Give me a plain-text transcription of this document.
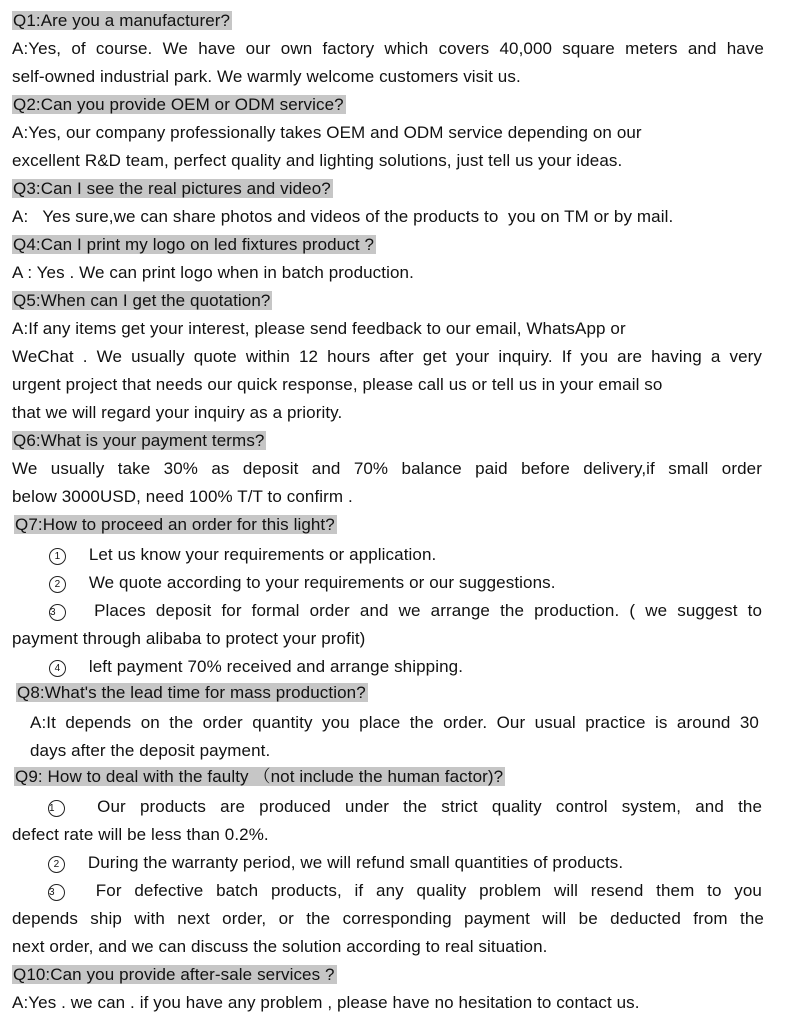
Q1:Are you a manufacturer?
A:Yes, of course. We have our own factory which covers 40,000 square meters and have
self-owned industrial park. We warmly welcome customers visit us.
Q2:Can you provide OEM or ODM service?
A:Yes, our company professionally takes OEM and ODM service depending on our
excellent R&D team, perfect quality and lighting solutions, just tell us your ideas.
Q3:Can I see the real pictures and video?
A:   Yes sure,we can share photos and videos of the products to  you on TM or by mail.
Q4:Can I print my logo on led fixtures product ?
A : Yes . We can print logo when in batch production.
Q5:When can I get the quotation?
A:If any items get your interest, please send feedback to our email, WhatsApp or
WeChat . We usually quote within 12 hours after get your inquiry. If you are having a very
urgent project that needs our quick response, please call us or tell us in your email so
that we will regard your inquiry as a priority.
Q6:What is your payment terms?
We usually take 30% as deposit and 70% balance paid before delivery,if small order
below 3000USD, need 100% T/T to confirm .
Q7:How to proceed an order for this light?
1 Let us know your requirements or application.
2 We quote according to your requirements or our suggestions.
3 Places deposit for formal order and we arrange the production. ( we suggest to
payment through alibaba to protect your profit)
4 left payment 70% received and arrange shipping.
Q8:What's the lead time for mass production?
A:It depends on the order quantity you place the order. Our usual practice is around 30
days after the deposit payment.
Q9: How to deal with the faulty （not include the human factor)?
1	Our products are produced under the strict quality control system, and the
defect rate will be less than 0.2%.
2 During the warranty period, we will refund small quantities of products.
3 For defective batch products, if any quality problem will resend them to you
depends ship with next order, or the corresponding payment will be deducted from the
next order, and we can discuss the solution according to real situation.
Q10:Can you provide after-sale services ?
A:Yes . we can . if you have any problem , please have no hesitation to contact us.
